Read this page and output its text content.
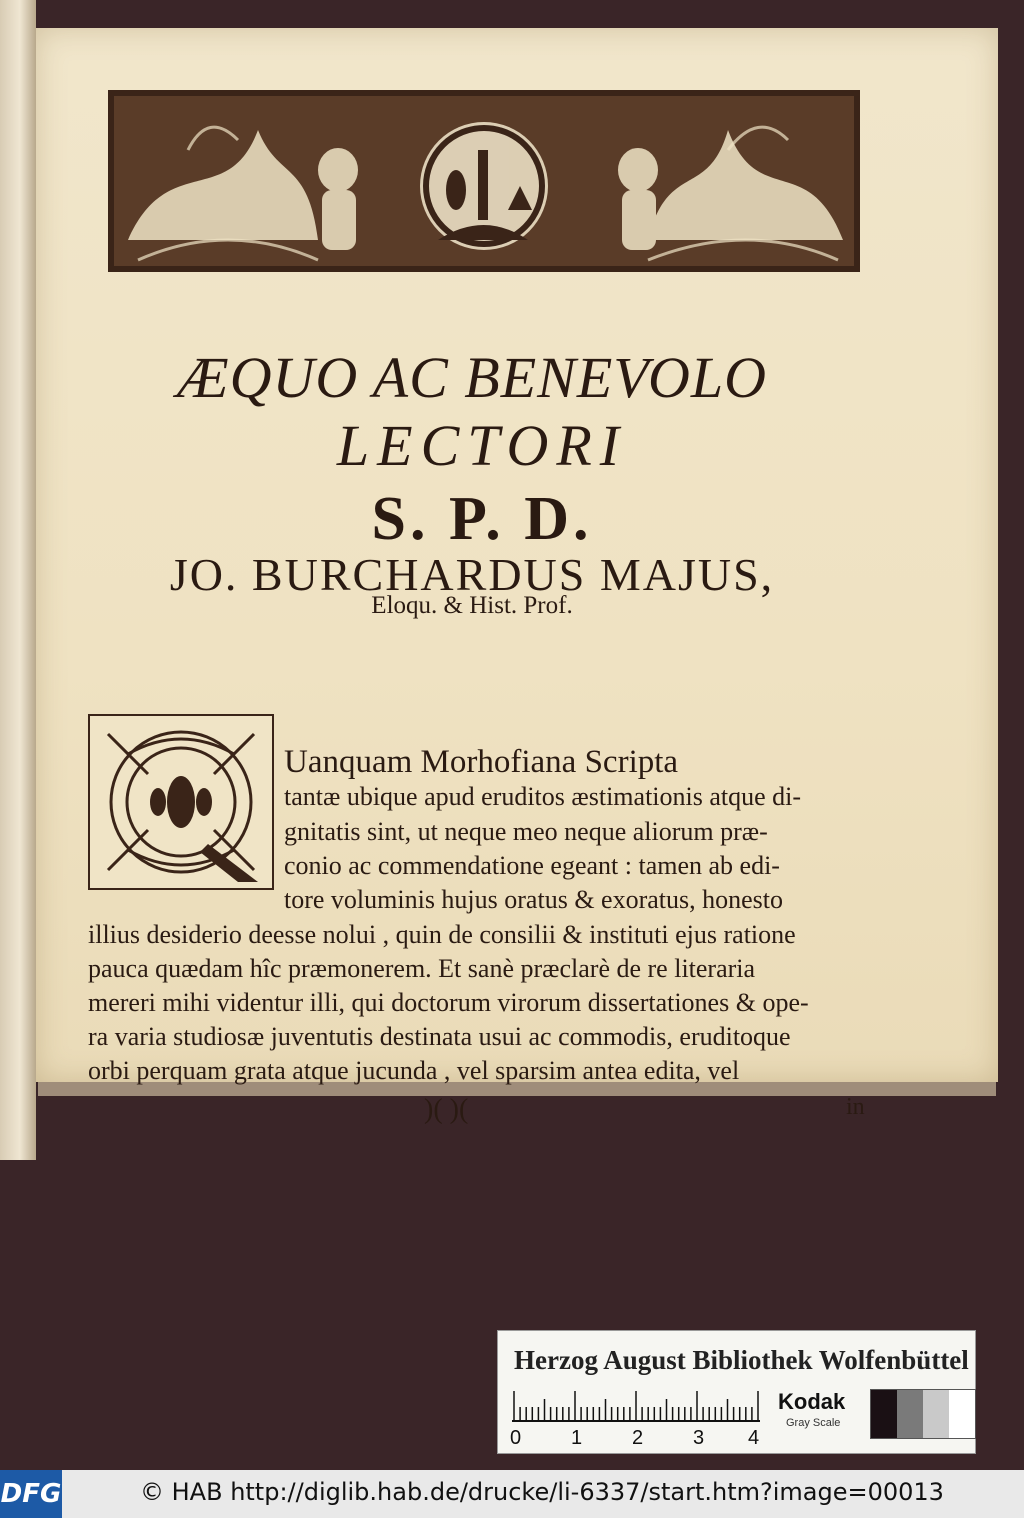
ÆQUO AC BENEVOLO
LECTORI
S. P. D.
JO. BURCHARDUS MAJUS,
Eloqu. & Hist. Prof.
Uanquam Morhofiana Scripta
tantæ ubique apud eruditos æstimationis atque di-
gnitatis sint, ut neque meo neque aliorum præ-
conio ac commendatione egeant : tamen ab edi-
tore voluminis hujus oratus & exoratus, honesto
illius desiderio deesse nolui , quin de consilii & instituti ejus ratione
pauca quædam hîc præmonerem. Et sanè præclarè de re literaria
mereri mihi videntur illi, qui doctorum virorum dissertationes & ope-
ra varia studiosæ juventutis destinata usui ac commodis, eruditoque
orbi perquam grata atque jucunda , vel sparsim antea edita, vel
)( )(	in
Herzog August Bibliothek Wolfenbüttel
0 1 2 3 4
Kodak
Gray Scale
DFG	© HAB http://diglib.hab.de/drucke/li-6337/start.htm?image=00013
